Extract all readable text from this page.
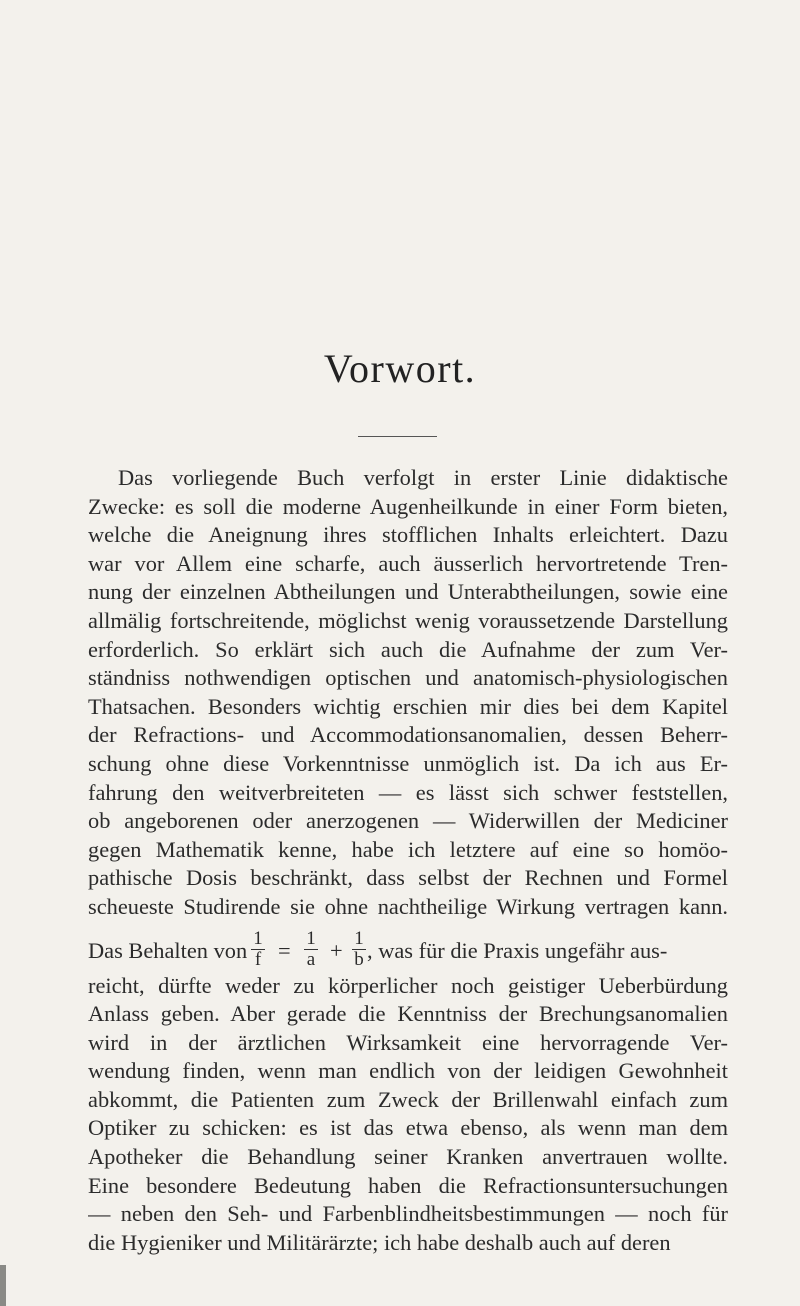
Vorwort.
Das vorliegende Buch verfolgt in erster Linie didaktische
Zwecke: es soll die moderne Augenheilkunde in einer Form bieten,
welche die Aneignung ihres stofflichen Inhalts erleichtert. Dazu
war vor Allem eine scharfe, auch äusserlich hervortretende Tren-
nung der einzelnen Abtheilungen und Unterabtheilungen, sowie eine
allmälig fortschreitende, möglichst wenig voraussetzende Darstellung
erforderlich. So erklärt sich auch die Aufnahme der zum Ver-
ständniss nothwendigen optischen und anatomisch-physiologischen
Thatsachen. Besonders wichtig erschien mir dies bei dem Kapitel
der Refractions- und Accommodationsanomalien, dessen Beherr-
schung ohne diese Vorkenntnisse unmöglich ist. Da ich aus Er-
fahrung den weitverbreiteten — es lässt sich schwer feststellen,
ob angeborenen oder anerzogenen — Widerwillen der Mediciner
gegen Mathematik kenne, habe ich letztere auf eine so homöo-
pathische Dosis beschränkt, dass selbst der Rechnen und Formel
scheueste Studirende sie ohne nachtheilige Wirkung vertragen kann.
Das Behalten von 1
f = 1
a + 1
b , was für die Praxis ungefähr aus-
reicht, dürfte weder zu körperlicher noch geistiger Ueberbürdung
Anlass geben. Aber gerade die Kenntniss der Brechungsanomalien
wird in der ärztlichen Wirksamkeit eine hervorragende Ver-
wendung finden, wenn man endlich von der leidigen Gewohnheit
abkommt, die Patienten zum Zweck der Brillenwahl einfach zum
Optiker zu schicken: es ist das etwa ebenso, als wenn man dem
Apotheker die Behandlung seiner Kranken anvertrauen wollte.
Eine besondere Bedeutung haben die Refractionsuntersuchungen
— neben den Seh- und Farbenblindheitsbestimmungen — noch für
die Hygieniker und Militärärzte; ich habe deshalb auch auf deren
